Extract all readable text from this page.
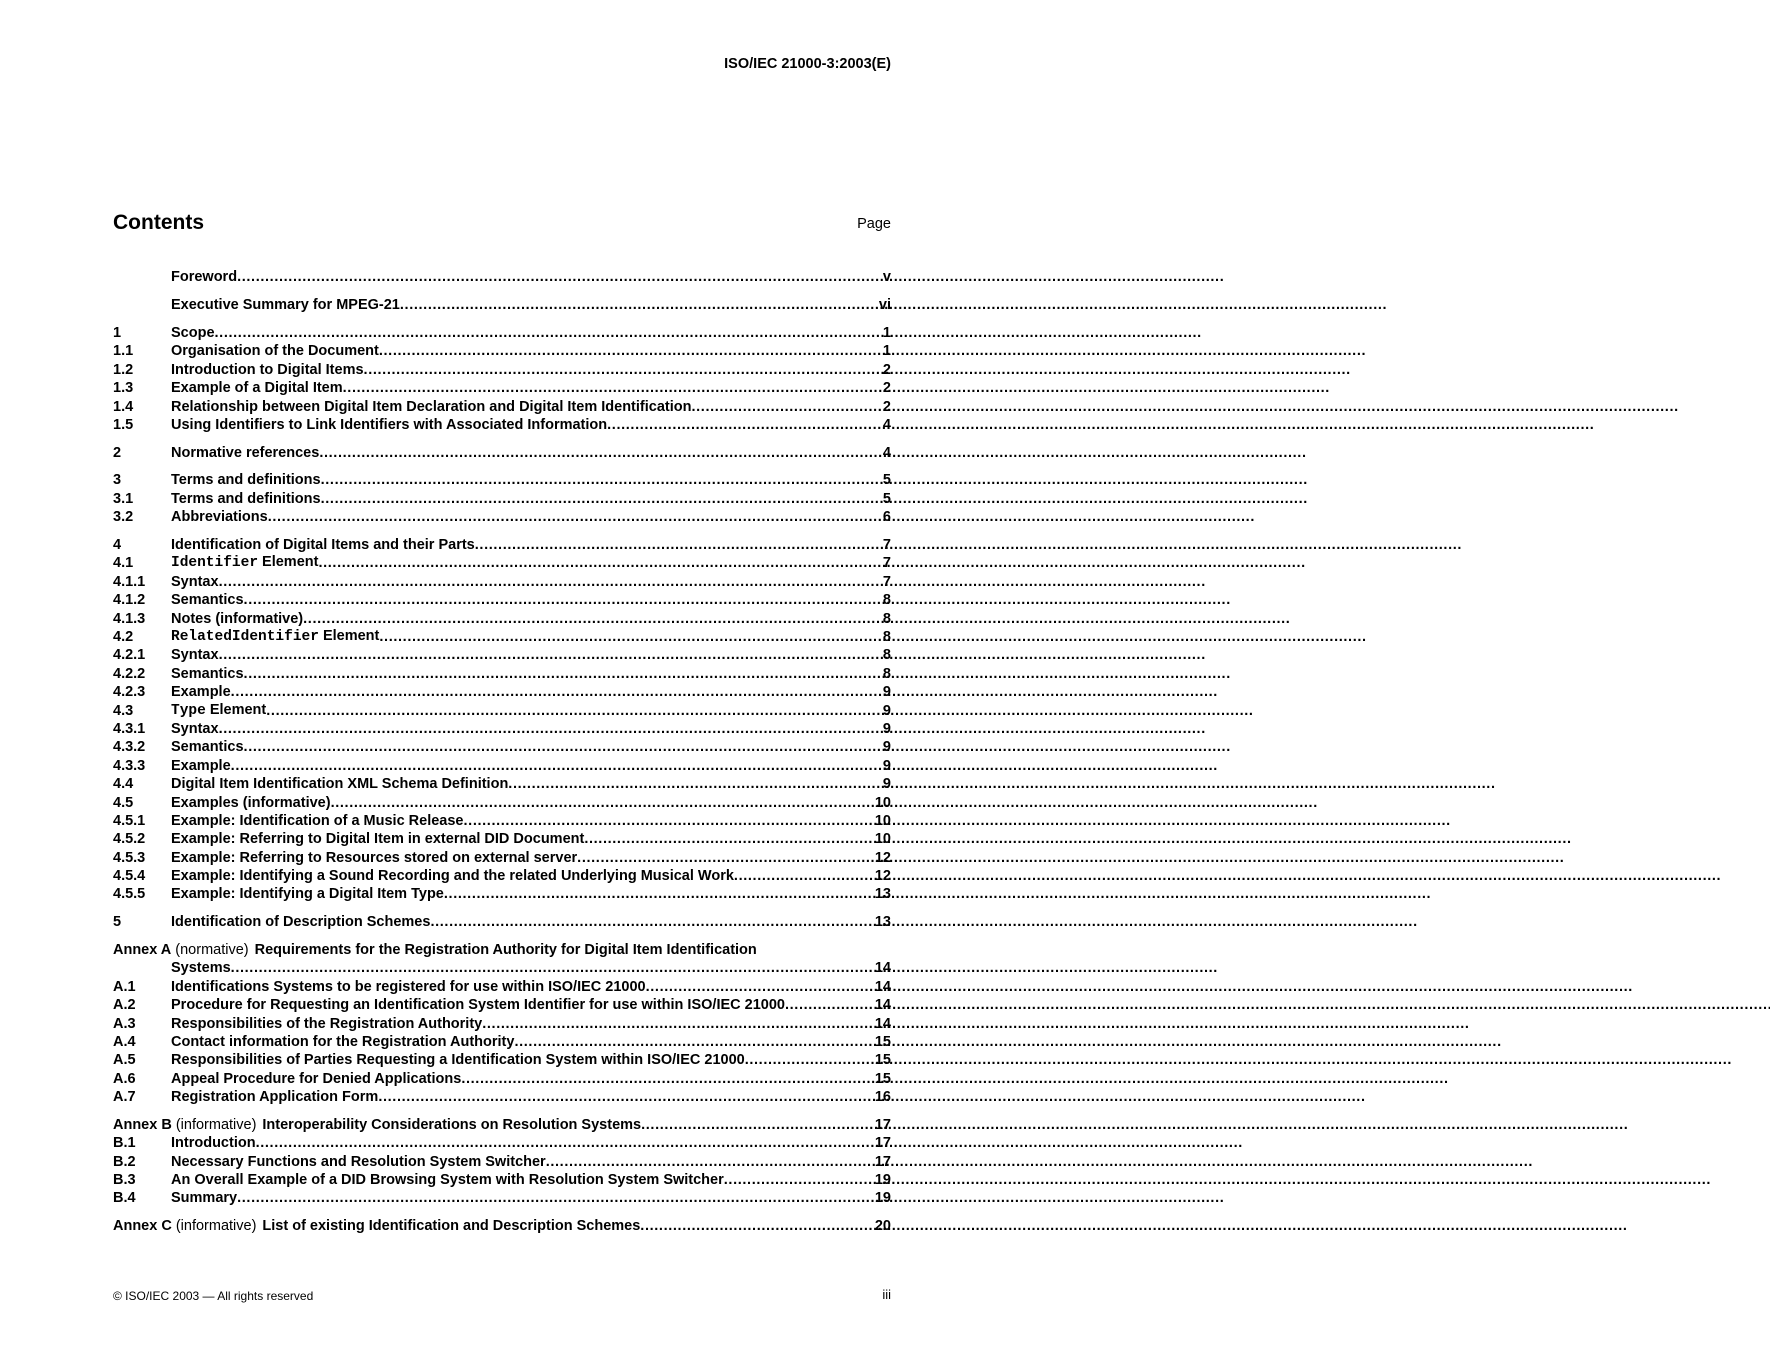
ISO/IEC 21000-3:2003(E)
Contents	Page
Foreword . . .	v
Executive Summary for MPEG-21 . . .	vi
1	Scope . . .	1
1.1	Organisation of the Document . . .	1
1.2	Introduction to Digital Items . . .	2
1.3	Example of a Digital Item . . .	2
1.4	Relationship between Digital Item Declaration and Digital Item Identification . . .	2
1.5	Using Identifiers to Link Identifiers with Associated Information . . .	4
2	Normative references . . .	4
3	Terms and definitions . . .	5
3.1	Terms and definitions . . .	5
3.2	Abbreviations . . .	6
4	Identification of Digital Items and their Parts . . .	7
4.1	Identifier Element . . .	7
4.1.1	Syntax . . .	7
4.1.2	Semantics . . .	8
4.1.3	Notes (informative) . . .	8
4.2	RelatedIdentifier Element . . .	8
4.2.1	Syntax . . .	8
4.2.2	Semantics . . .	8
4.2.3	Example . . .	9
4.3	Type Element . . .	9
4.3.1	Syntax . . .	9
4.3.2	Semantics . . .	9
4.3.3	Example . . .	9
4.4	Digital Item Identification XML Schema Definition . . .	9
4.5	Examples (informative) . . .	10
4.5.1	Example: Identification of a Music Release . . .	10
4.5.2	Example: Referring to Digital Item in external DID Document . . .	10
4.5.3	Example: Referring to Resources stored on external server . . .	12
4.5.4	Example: Identifying a Sound Recording and the related Underlying Musical Work . . .	12
4.5.5	Example: Identifying a Digital Item Type . . .	13
5	Identification of Description Schemes . . .	13
Annex A (normative) Requirements for the Registration Authority for Digital Item Identification
Systems . . .	14
A.1	Identifications Systems to be registered for use within ISO/IEC 21000 . . .	14
A.2	Procedure for Requesting an Identification System Identifier for use within ISO/IEC 21000 . . .	14
A.3	Responsibilities of the Registration Authority . . .	14
A.4	Contact information for the Registration Authority . . .	15
A.5	Responsibilities of Parties Requesting a Identification System within ISO/IEC 21000 . . .	15
A.6	Appeal Procedure for Denied Applications . . .	15
A.7	Registration Application Form . . .	16
Annex B (informative) Interoperability Considerations on Resolution Systems . . .	17
B.1	Introduction . . .	17
B.2	Necessary Functions and Resolution System Switcher . . .	17
B.3	An Overall Example of a DID Browsing System with Resolution System Switcher . . .	19
B.4	Summary . . .	19
Annex C (informative) List of existing Identification and Description Schemes . . .	20
© ISO/IEC 2003 — All rights reserved	iii
